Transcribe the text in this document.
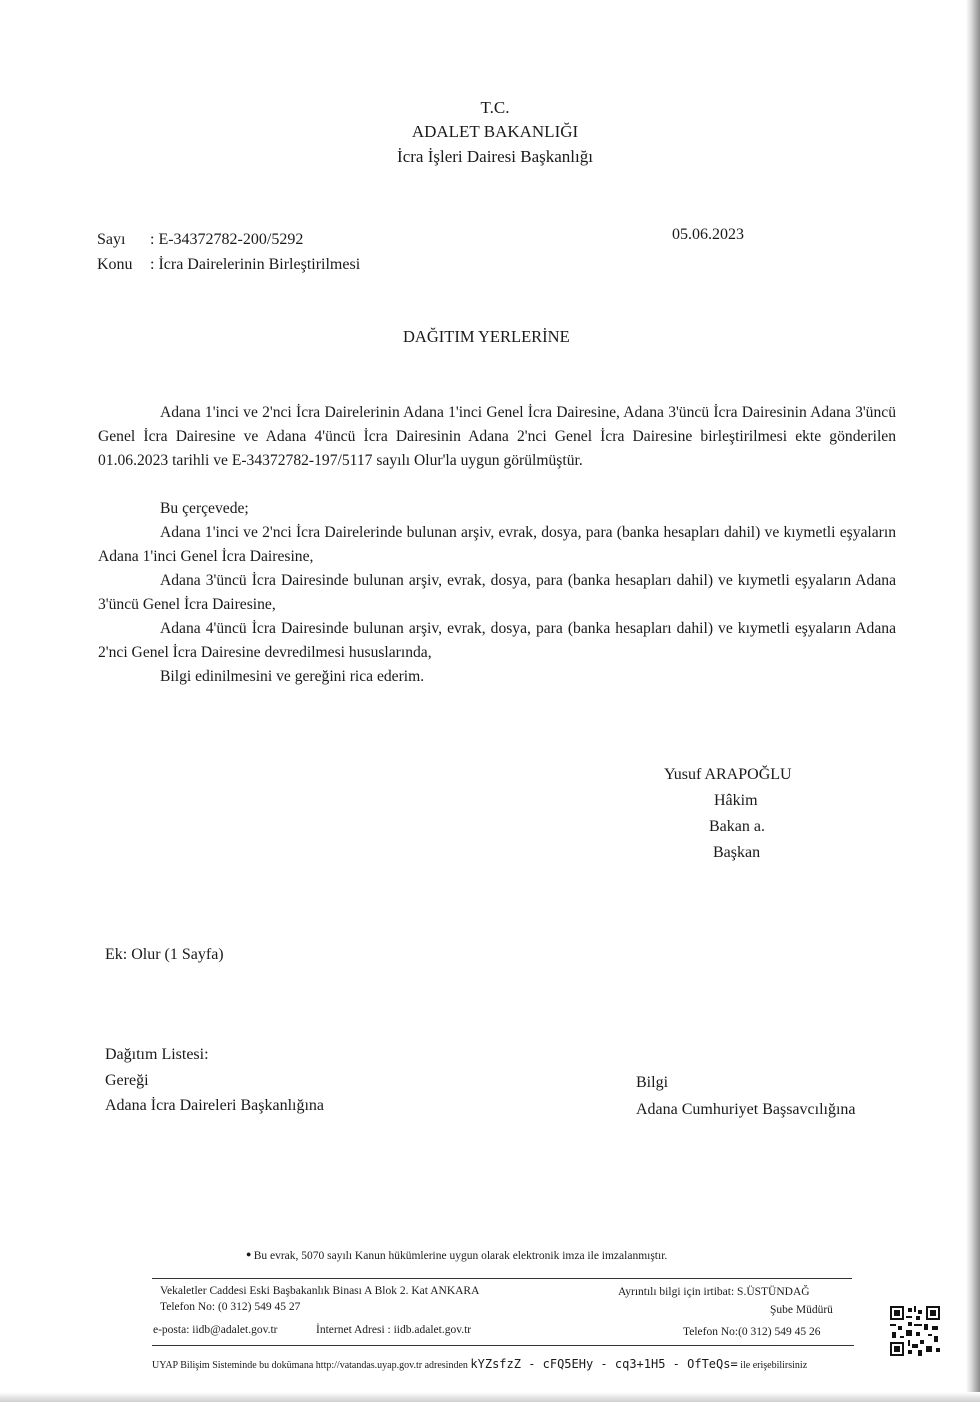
T.C.
ADALET BAKANLIĞI
İcra İşleri Dairesi Başkanlığı
Sayı : E-34372782-200/5292
Konu : İcra Dairelerinin Birleştirilmesi
05.06.2023
DAĞITIM YERLERİNE
Adana 1'inci ve 2'nci İcra Dairelerinin Adana 1'inci Genel İcra Dairesine, Adana 3'üncü İcra Dairesinin Adana 3'üncü Genel İcra Dairesine ve Adana 4'üncü İcra Dairesinin Adana 2'nci Genel İcra Dairesine birleştirilmesi ekte gönderilen 01.06.2023 tarihli ve E-34372782-197/5117 sayılı Olur'la uygun görülmüştür.
Bu çerçevede;
Adana 1'inci ve 2'nci İcra Dairelerinde bulunan arşiv, evrak, dosya, para (banka hesapları dahil) ve kıymetli eşyaların Adana 1'inci Genel İcra Dairesine,
Adana 3'üncü İcra Dairesinde bulunan arşiv, evrak, dosya, para (banka hesapları dahil) ve kıymetli eşyaların Adana 3'üncü Genel İcra Dairesine,
Adana 4'üncü İcra Dairesinde bulunan arşiv, evrak, dosya, para (banka hesapları dahil) ve kıymetli eşyaların Adana 2'nci Genel İcra Dairesine devredilmesi hususlarında,
Bilgi edinilmesini ve gereğini rica ederim.
Yusuf ARAPOĞLU
Hâkim
Bakan a.
Başkan
Ek: Olur (1 Sayfa)
Dağıtım Listesi:
Gereği
Adana İcra Daireleri Başkanlığına
Bilgi
Adana Cumhuriyet Başsavcılığına
● Bu evrak, 5070 sayılı Kanun hükümlerine uygun olarak elektronik imza ile imzalanmıştır.
Vekaletler Caddesi Eski Başbakanlık Binası A Blok 2. Kat ANKARA
Telefon No: (0 312) 549 45 27
e-posta: iidb@adalet.gov.tr	İnternet Adresi : iidb.adalet.gov.tr
Ayrıntılı bilgi için irtibat: S.ÜSTÜNDAĞ
Şube Müdürü
Telefon No:(0 312) 549 45 26
UYAP Bilişim Sisteminde bu dokümana http://vatandas.uyap.gov.tr adresinden kYZsfzZ - cFQ5EHy - cq3+1H5 - OfTeQs= ile erişebilirsiniz
